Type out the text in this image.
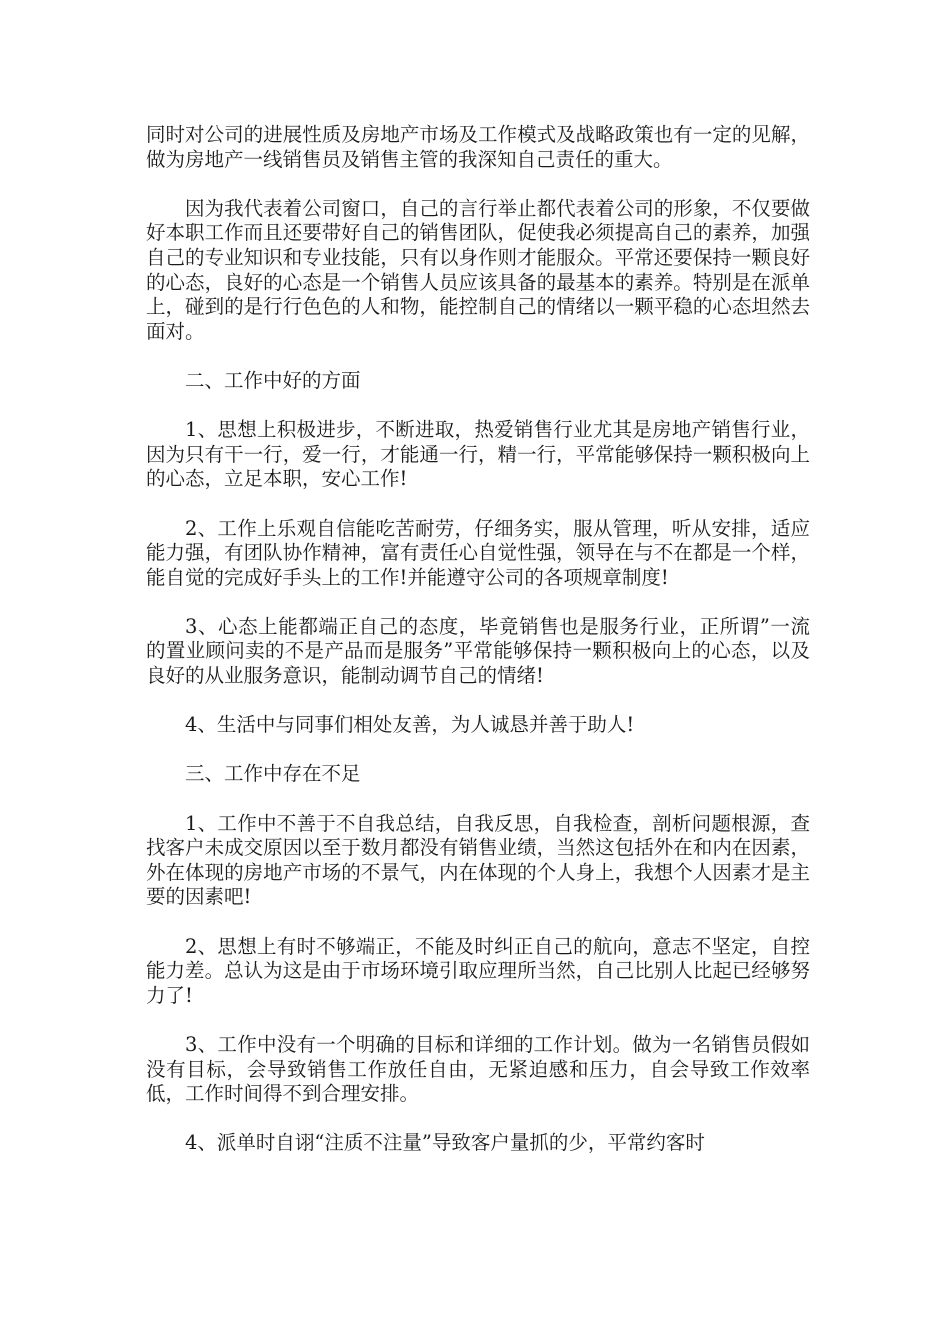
同时对公司的进展性质及房地产市场及工作模式及战略政策也有一定的见解，做为房地产一线销售员及销售主管的我深知自己责任的重大。

因为我代表着公司窗口，自己的言行举止都代表着公司的形象，不仅要做好本职工作而且还要带好自己的销售团队，促使我必须提高自己的素养，加强自己的专业知识和专业技能，只有以身作则才能服众。平常还要保持一颗良好的心态，良好的心态是一个销售人员应该具备的最基本的素养。特别是在派单上，碰到的是行行色色的人和物，能控制自己的情绪以一颗平稳的心态坦然去面对。

二、工作中好的方面

1、思想上积极进步，不断进取，热爱销售行业尤其是房地产销售行业，因为只有干一行，爱一行，才能通一行，精一行，平常能够保持一颗积极向上的心态，立足本职，安心工作!

2、工作上乐观自信能吃苦耐劳，仔细务实，服从管理，听从安排，适应能力强，有团队协作精神，富有责任心自觉性强，领导在与不在都是一个样，能自觉的完成好手头上的工作!并能遵守公司的各项规章制度!

3、心态上能都端正自己的态度，毕竟销售也是服务行业，正所谓”一流的置业顾问卖的不是产品而是服务”平常能够保持一颗积极向上的心态，以及良好的从业服务意识，能制动调节自己的情绪!

4、生活中与同事们相处友善，为人诚恳并善于助人!

三、工作中存在不足

1、工作中不善于不自我总结，自我反思，自我检查，剖析问题根源，查找客户未成交原因以至于数月都没有销售业绩，当然这包括外在和内在因素，外在体现的房地产市场的不景气，内在体现的个人身上，我想个人因素才是主要的因素吧!

2、思想上有时不够端正，不能及时纠正自己的航向，意志不坚定，自控能力差。总认为这是由于市场环境引取应理所当然，自己比别人比起已经够努力了!

3、工作中没有一个明确的目标和详细的工作计划。做为一名销售员假如没有目标，会导致销售工作放任自由，无紧迫感和压力，自会导致工作效率低，工作时间得不到合理安排。

4、派单时自诩“注质不注量”导致客户量抓的少，平常约客时
